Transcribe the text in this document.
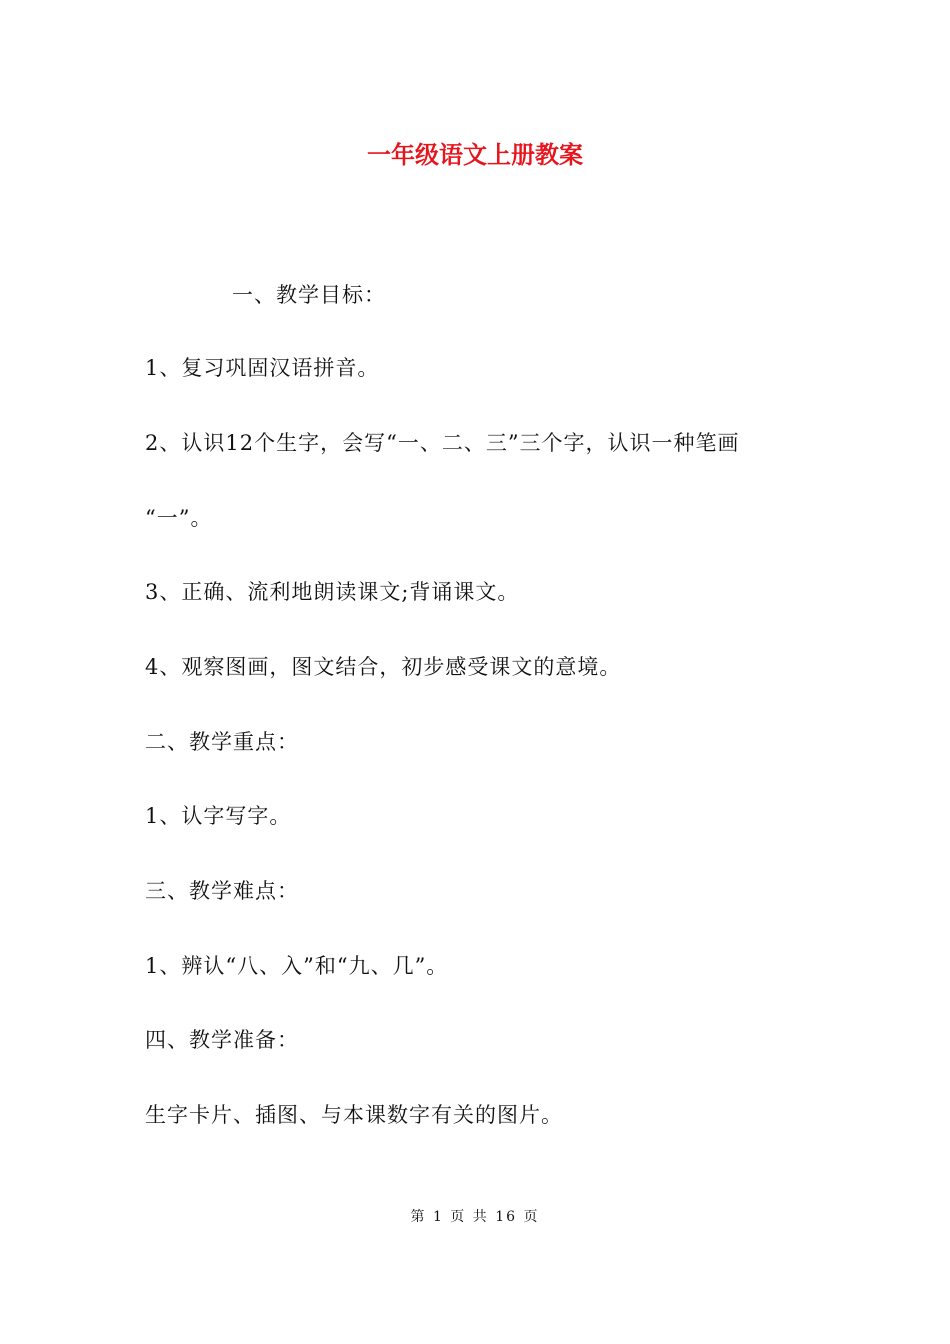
一年级语文上册教案
一、教学目标：
1、复习巩固汉语拼音。
2、认识12个生字，会写“一、二、三”三个字，认识一种笔画
“一”。
3、正确、流利地朗读课文;背诵课文。
4、观察图画，图文结合，初步感受课文的意境。
二、教学重点：
1、认字写字。
三、教学难点：
1、辨认“八、入”和“九、几”。
四、教学准备：
生字卡片、插图、与本课数字有关的图片。
第 1 页 共 16 页
